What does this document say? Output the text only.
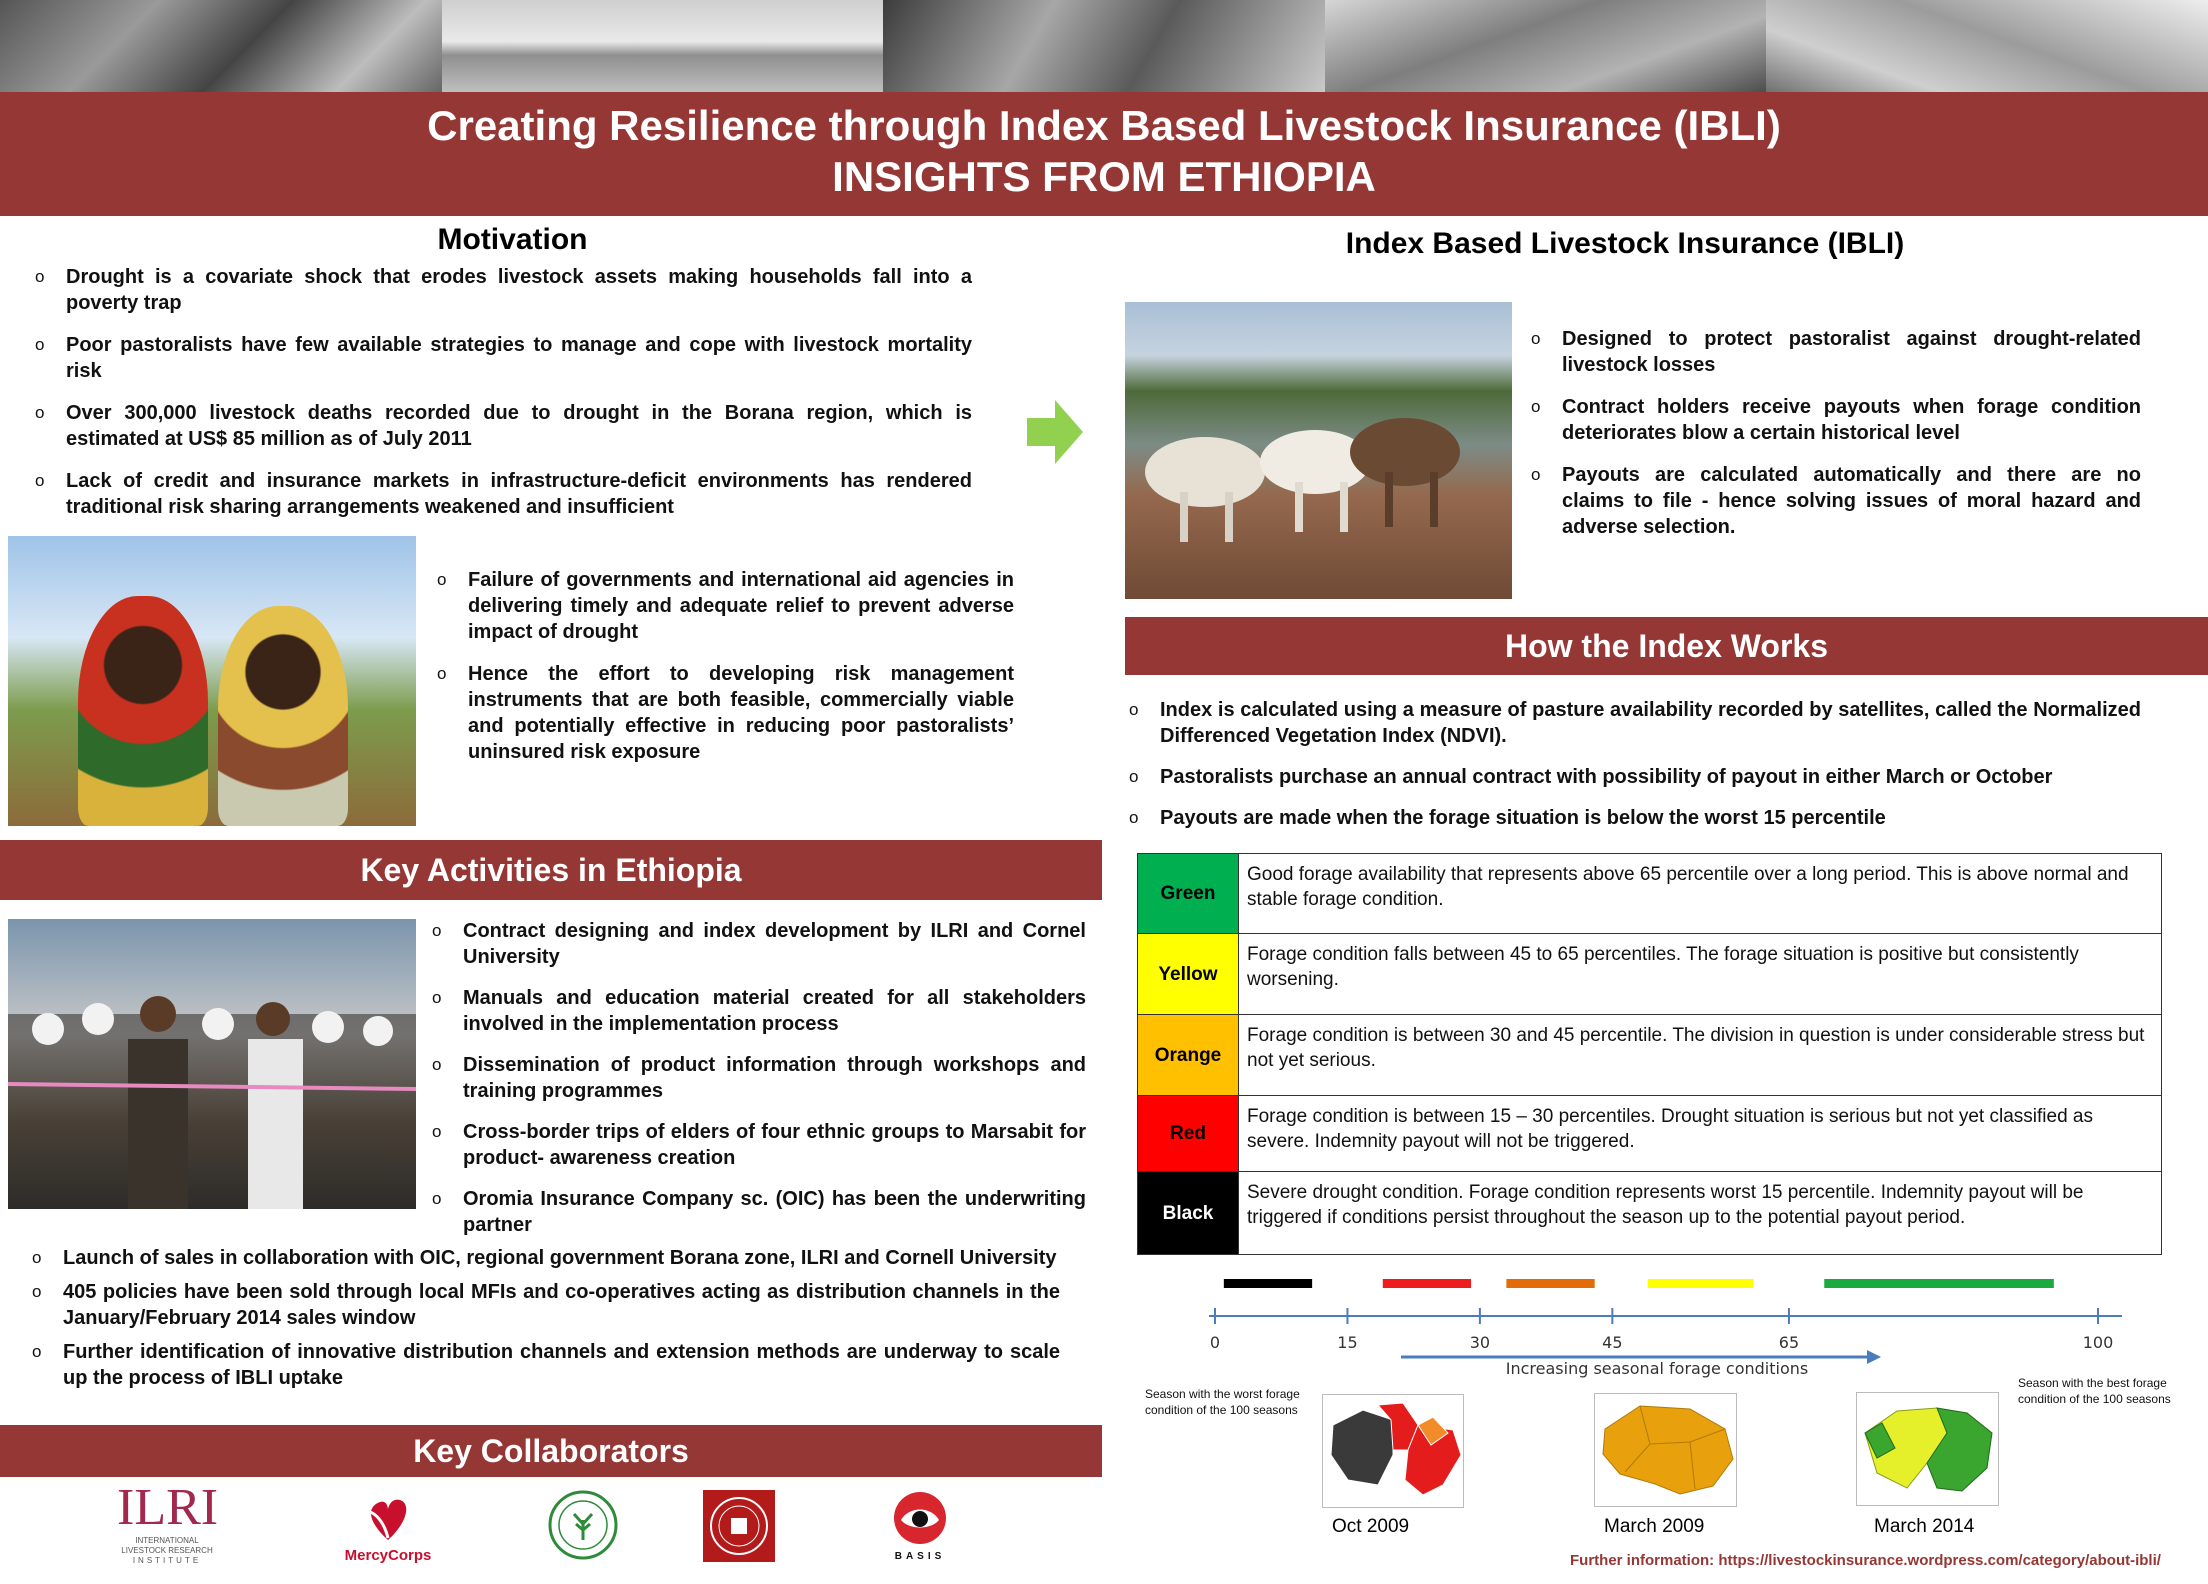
Creating Resilience through Index Based Livestock Insurance (IBLI)
INSIGHTS FROM ETHIOPIA
Motivation
o Drought is a covariate shock that erodes livestock assets making households fall into a poverty trap
o Poor pastoralists have few available strategies to manage and cope with livestock mortality risk
o Over 300,000 livestock deaths recorded due to drought in the Borana region, which is estimated at US$ 85 million as of July 2011
o Lack of credit and insurance markets in infrastructure-deficit environments has rendered traditional risk sharing arrangements weakened and insufficient
o Failure of governments and international aid agencies in delivering timely and adequate relief to prevent adverse impact of drought
o Hence the effort to developing risk management instruments that are both feasible, commercially viable and potentially effective in reducing poor pastoralists’ uninsured risk exposure
Key Activities in Ethiopia
o Contract designing and index development by ILRI and Cornel University
o Manuals and education material created for all stakeholders involved in the implementation process
o Dissemination of product information through workshops and training programmes
o Cross-border trips of elders of four ethnic groups to Marsabit for product- awareness creation
o Oromia Insurance Company sc. (OIC) has been the underwriting partner
o Launch of sales in collaboration with OIC, regional government Borana zone, ILRI and Cornell University
o 405 policies have been sold through local MFIs and co-operatives acting as distribution channels in the January/February 2014 sales window
o Further identification of innovative distribution channels and extension methods are underway to scale up the process of IBLI uptake
Key Collaborators
ILRI
INTERNATIONAL
LIVESTOCK RESEARCH
INSTITUTE	MercyCorps	BASIS
Index Based Livestock Insurance (IBLI)
o Designed to protect pastoralist against drought-related livestock losses
o Contract holders receive payouts when forage condition deteriorates blow a certain historical level
o Payouts are calculated automatically and there are no claims to file - hence solving issues of moral hazard and adverse selection.
How the Index Works
o Index is calculated using a measure of pasture availability recorded by satellites, called the Normalized Differenced Vegetation Index (NDVI).
o Pastoralists purchase an annual contract with possibility of payout in either March or October
o Payouts are made when the forage situation is below the worst 15 percentile
Green	Good forage availability that represents above 65 percentile over a long period. This is above normal and stable forage condition.
Yellow	Forage condition falls between 45 to 65 percentiles. The forage situation is positive but consistently worsening.
Orange	Forage condition is between 30 and 45 percentile. The division in question is under considerable stress but not yet serious.
Red	Forage condition is between 15 – 30 percentiles. Drought situation is serious but not yet classified as severe. Indemnity payout will not be triggered.
Black	Severe drought condition. Forage condition represents worst 15 percentile. Indemnity payout will be triggered if conditions persist throughout the season up to the potential payout period.
0	15	30	45	65	100
Increasing seasonal forage conditions
Season with the worst forage condition of the 100 seasons
Season with the best forage condition of the 100 seasons
Oct 2009	March 2009	March 2014
Further information: https://livestockinsurance.wordpress.com/category/about-ibli/
